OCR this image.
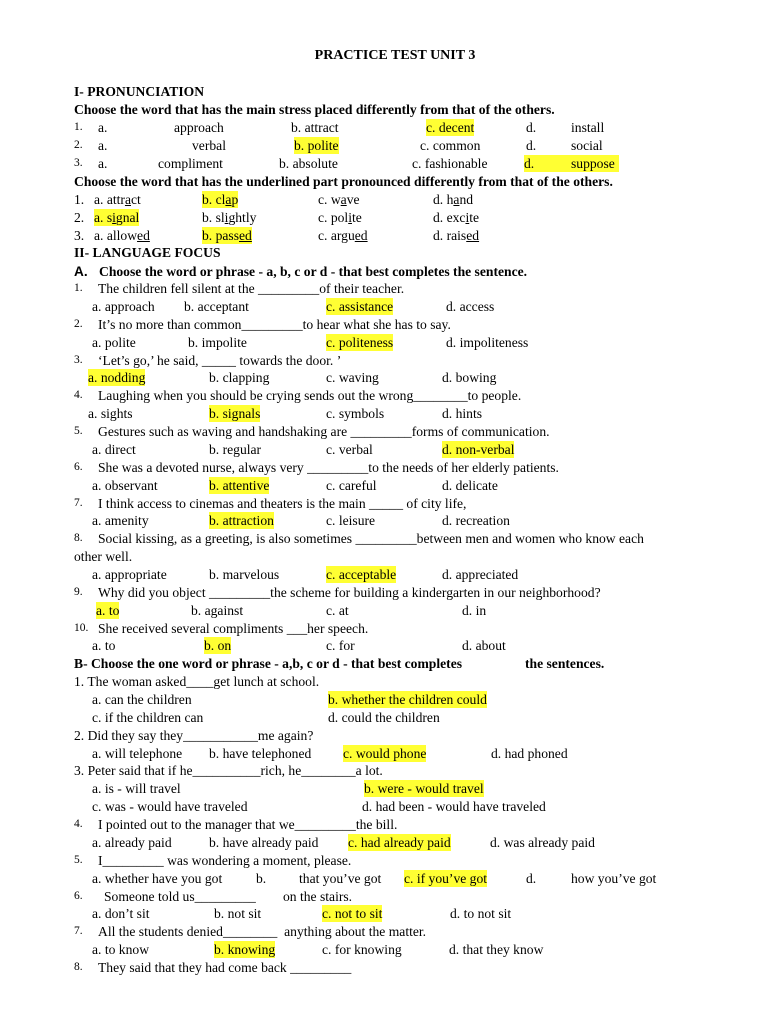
PRACTICE TEST UNIT 3
I- PRONUNCIATION
Choose the word that has the main stress placed differently from that of the others.
1. a.	approach	b. attract	c. decent	d.	install
2. a.	verbal	b. polite	c. common	d.	social
3. a.	compliment	b. absolute	c. fashionable	d.	suppose
Choose the word that has the underlined part pronounced differently from that of the others.
1. a. attract	b. clap	c. wave	d. hand
2. a. signal	b. slightly	c. polite	d. excite
3. a. allowed	b. passed	c. argued	d. raised
II- LANGUAGE FOCUS
A. Choose the word or phrase - a, b, c or d - that best completes the sentence.
1. The children fell silent at the _________of their teacher.
a. approach b. acceptant	c. assistance	d. access
2. It’s no more than common_________to hear what she has to say.
a. polite	b. impolite	c. politeness	d. impoliteness
3. ‘Let’s go,’ he said, _____ towards the door. ’
a. nodding	b. clapping	c. waving	d. bowing
4. Laughing when you should be crying sends out the wrong________to people.
a. sights	b. signals	c. symbols	d. hints
5. Gestures such as waving and handshaking are _________forms of communication.
a. direct	b. regular	c. verbal	d. non-verbal
6. She was a devoted nurse, always very _________to the needs of her elderly patients.
a. observant	b. attentive	c. careful	d. delicate
7. I think access to cinemas and theaters is the main _____ of city life,
a. amenity	b. attraction	c. leisure	d. recreation
8. Social kissing, as a greeting, is also sometimes _________between men and women who know each
other well.
a. appropriate	b. marvelous	c. acceptable	d. appreciated
9. Why did you object _________the scheme for building a kindergarten in our neighborhood?
a. to	b. against	c. at	d. in
10. She received several compliments ___her speech.
a. to	b. on	c. for	d. about
B- Choose the one word or phrase - a,b, c or d - that best completes	the sentences.
1. The woman asked____get lunch at school.
a. can the children	b. whether the children could
c. if the children can	d. could the children
2. Did they say they___________me again?
a. will telephone b. have telephoned c. would phone	d. had phoned
3. Peter said that if he__________rich, he________a lot.
a. is - will travel	b. were - would travel
c. was - would have traveled	d. had been - would have traveled
4. I pointed out to the manager that we_________the bill.
a. already paid	b. have already paid c. had already paid	d. was already paid
5. I_________ was wondering a moment, please.
a. whether have you got b. that you’ve got c. if you’ve got	d.	how you’ve got
6. Someone told us_________        on the stairs.
a. don’t sit	b. not sit	c. not to sit	d. to not sit
7. All the students denied________  anything about the matter.
a. to know	b. knowing	c. for knowing	d. that they know
8. They said that they had come back _________
